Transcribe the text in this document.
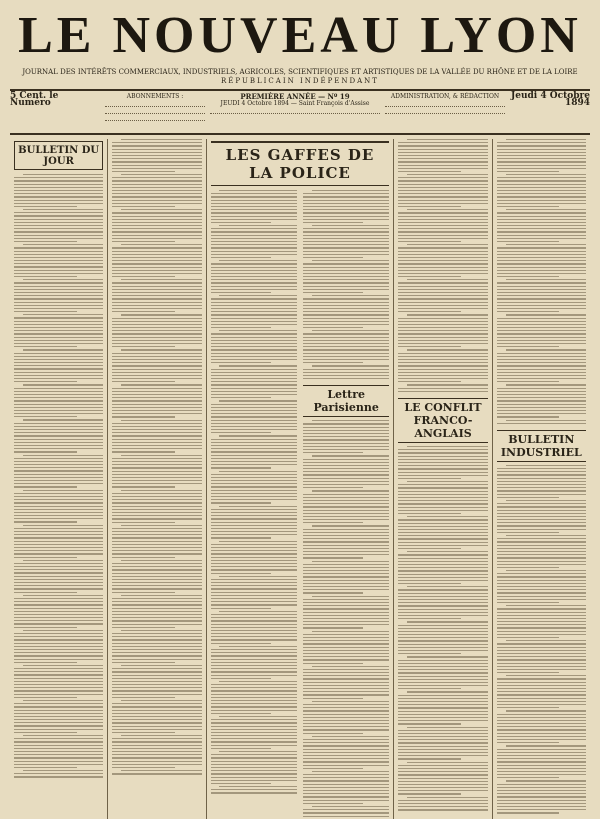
LE NOUVEAU LYON
JOURNAL DES INTÉRÊTS COMMERCIAUX, INDUSTRIELS, AGRICOLES, SCIENTIFIQUES ET ARTISTIQUES DE LA VALLÉE DU RHÔNE ET DE LA LOIRE
RÉPUBLICAIN INDÉPENDANT
5 Cent. le Numéro
ABONNEMENTS :	PREMIÈRE ANNÉE — Nº 19
JEUDI 4 Octobre 1894 — Saint François d'Assise
ADMINISTRATION, & RÉDACTION	Jeudi 4 Octobre 1894
BULLETIN DU JOUR	LES GAFFES DE LA POLICE
Lettre Parisienne	LE CONFLIT FRANCO-ANGLAIS	BULLETIN INDUSTRIEL
